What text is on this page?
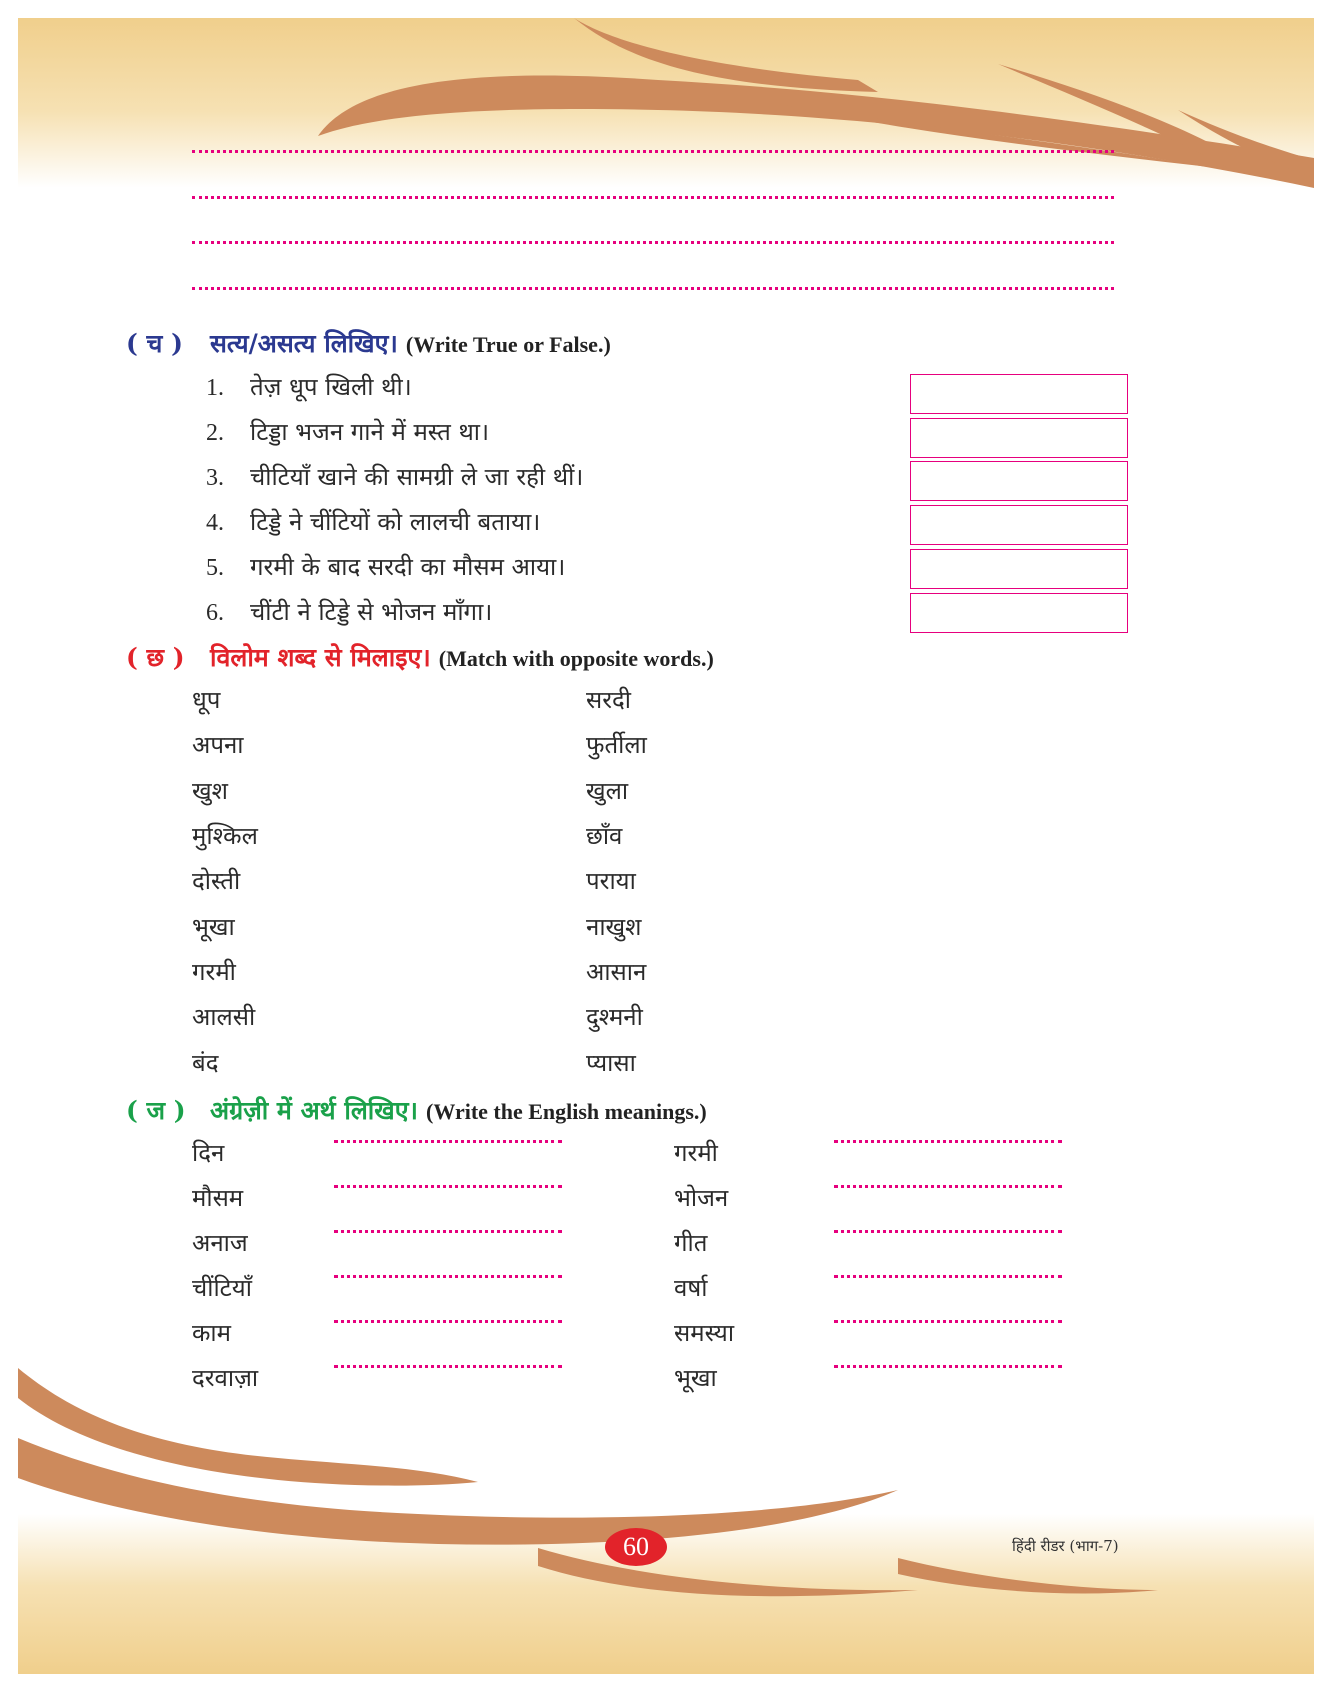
( च ) सत्य/असत्य लिखिए। (Write True or False.)
1. तेज़ धूप खिली थी।
2. टिड्डा भजन गाने में मस्त था।
3. चीटियाँ खाने की सामग्री ले जा रही थीं।
4. टिड्डे ने चींटियों को लालची बताया।
5. गरमी के बाद सरदी का मौसम आया।
6. चींटी ने टिड्डे से भोजन माँगा।
( छ ) विलोम शब्द से मिलाइए। (Match with opposite words.)
धूप
अपना
खुश
मुश्किल
दोस्ती
भूखा
गरमी
आलसी
बंद
सरदी
फुर्तीला
खुला
छाँव
पराया
नाखुश
आसान
दुश्मनी
प्यासा
( ज ) अंग्रेज़ी में अर्थ लिखिए। (Write the English meanings.)
दिन
मौसम
अनाज
चींटियाँ
काम
दरवाज़ा
गरमी
भोजन
गीत
वर्षा
समस्या
भूखा
60	हिंदी रीडर (भाग-7)
